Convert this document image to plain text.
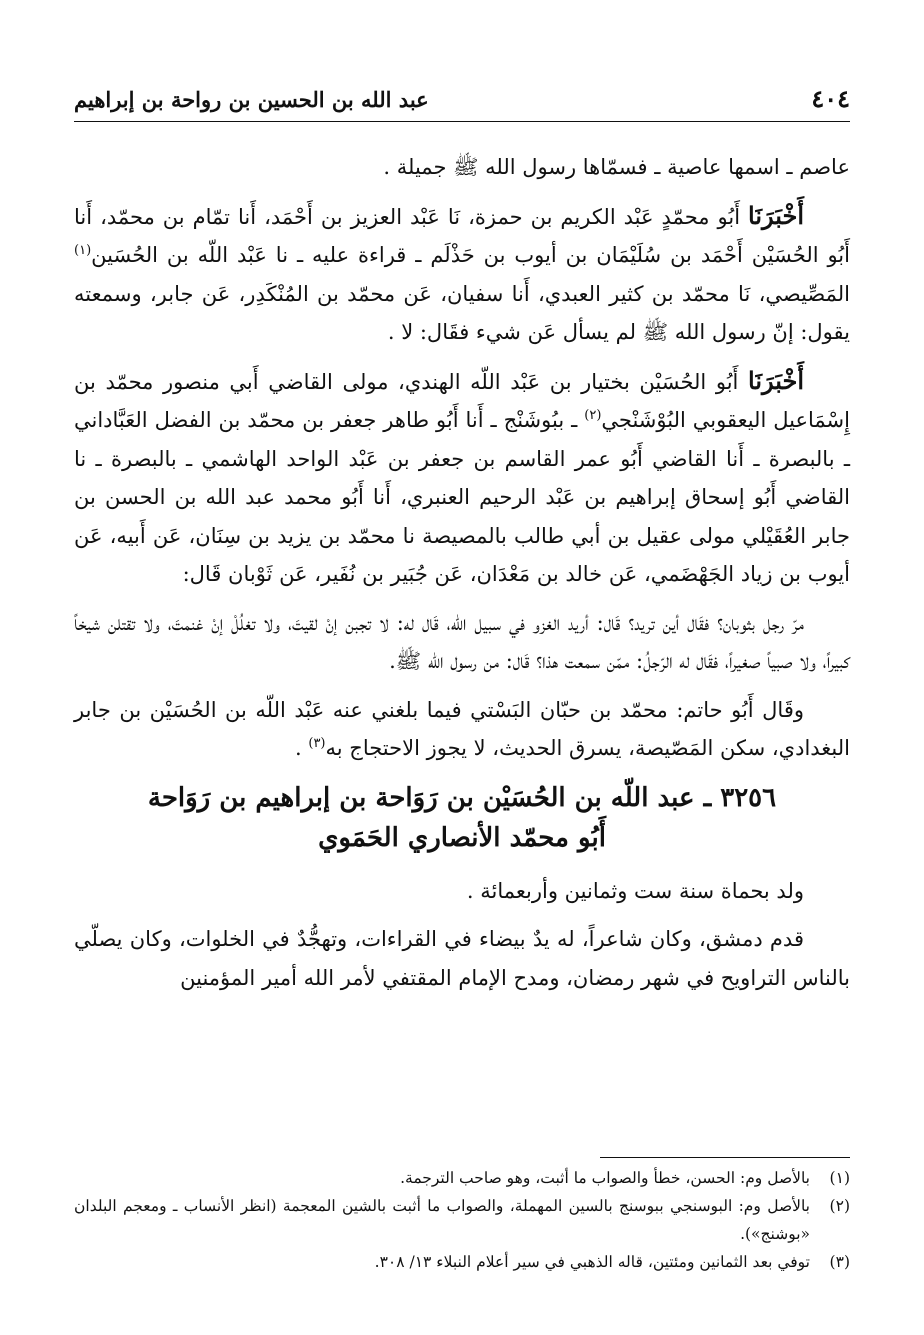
٤٠٤
عبد الله بن الحسين بن رواحة بن إبراهيم

عاصم ـ اسمها عاصية ـ فسمّاها رسول الله ﷺ جميلة .

أَخْبَرَنَا أَبُو محمّدٍ عَبْد الكريم بن حمزة، نَا عَبْد العزيز بن أَحْمَد، أَنا تمّام بن محمّد، أَنا أَبُو الحُسَيْن أَحْمَد بن سُلَيْمَان بن أيوب بن حَذْلَم ـ قراءة عليه ـ نا عَبْد اللّه بن الحُسَين$^{(١)}$ المَصِّيصي، نَا محمّد بن كثير العبدي، أَنا سفيان، عَن محمّد بن المُنْكَدِر، عَن جابر، وسمعته يقول: إنّ رسول الله ﷺ لم يسأل عَن شيء فقَال: لا .

أَخْبَرَنَا أَبُو الحُسَيْن بختيار بن عَبْد اللّه الهندي، مولى القاضي أَبي منصور محمّد بن إِسْمَاعيل اليعقوبي البُوْشَنْجي$^{(٢)}$ ـ ببُوشَنْج ـ أَنا أَبُو طاهر جعفر بن محمّد بن الفضل العَبَّاداني ـ بالبصرة ـ أَنا القاضي أَبُو عمر القاسم بن جعفر بن عَبْد الواحد الهاشمي ـ بالبصرة ـ نا القاضي أَبُو إسحاق إبراهيم بن عَبْد الرحيم العنبري، أَنا أَبُو محمد عبد الله بن الحسن بن جابر العُقَيْلي مولى عقيل بن أبي طالب بالمصيصة نا محمّد بن يزيد بن سِنَان، عَن أَبيه، عَن أيوب بن زياد الجَهْضَمي، عَن خالد بن مَعْدَان، عَن جُبَير بن نُفَير، عَن ثَوْبان قَال:

مرّ رجل بثوبان؟ فقَال أين تريد؟ قَال: أريد الغزو في سبيل الله، قَال له: لا تجبن إنْ لقيتَ، ولا تغلُلْ إنْ غنمتَ، ولا تقتلن شيخاً كبيراً، ولا صبياً صغيراً، فقَال له الرّجلُ: ممّن سمعت هذا؟ قَال: من رسول الله ﷺ.

وقَال أَبُو حاتم: محمّد بن حبّان البَسْتي فيما بلغني عنه عَبْد اللّه بن الحُسَيْن بن جابر البغدادي، سكن المَصّيصة، يسرق الحديث، لا يجوز الاحتجاج به$^{(٣)}$ .

٣٢٥٦ ـ عبد اللّه بن الحُسَيْن بن رَوَاحة بن إبراهيم بن رَوَاحة
أَبُو محمّد الأنصاري الحَمَوي

ولد بحماة سنة ست وثمانين وأربعمائة .

قدم دمشق، وكان شاعراً، له يدٌ بيضاء في القراءات، وتهجُّدٌ في الخلوات، وكان يصلّي بالناس التراويح في شهر رمضان، ومدح الإمام المقتفي لأمر الله أمير المؤمنين

(١)
بالأصل وم: الحسن، خطأ والصواب ما أثبت، وهو صاحب الترجمة.
(٢)
بالأصل وم: البوسنجي ببوسنج بالسين المهملة، والصواب ما أثبت بالشين المعجمة (انظر الأنساب ـ ومعجم البلدان «بوشنج»).
(٣)
توفي بعد الثمانين ومئتين، قاله الذهبي في سير أعلام النبلاء ١٣/ ٣٠٨.
